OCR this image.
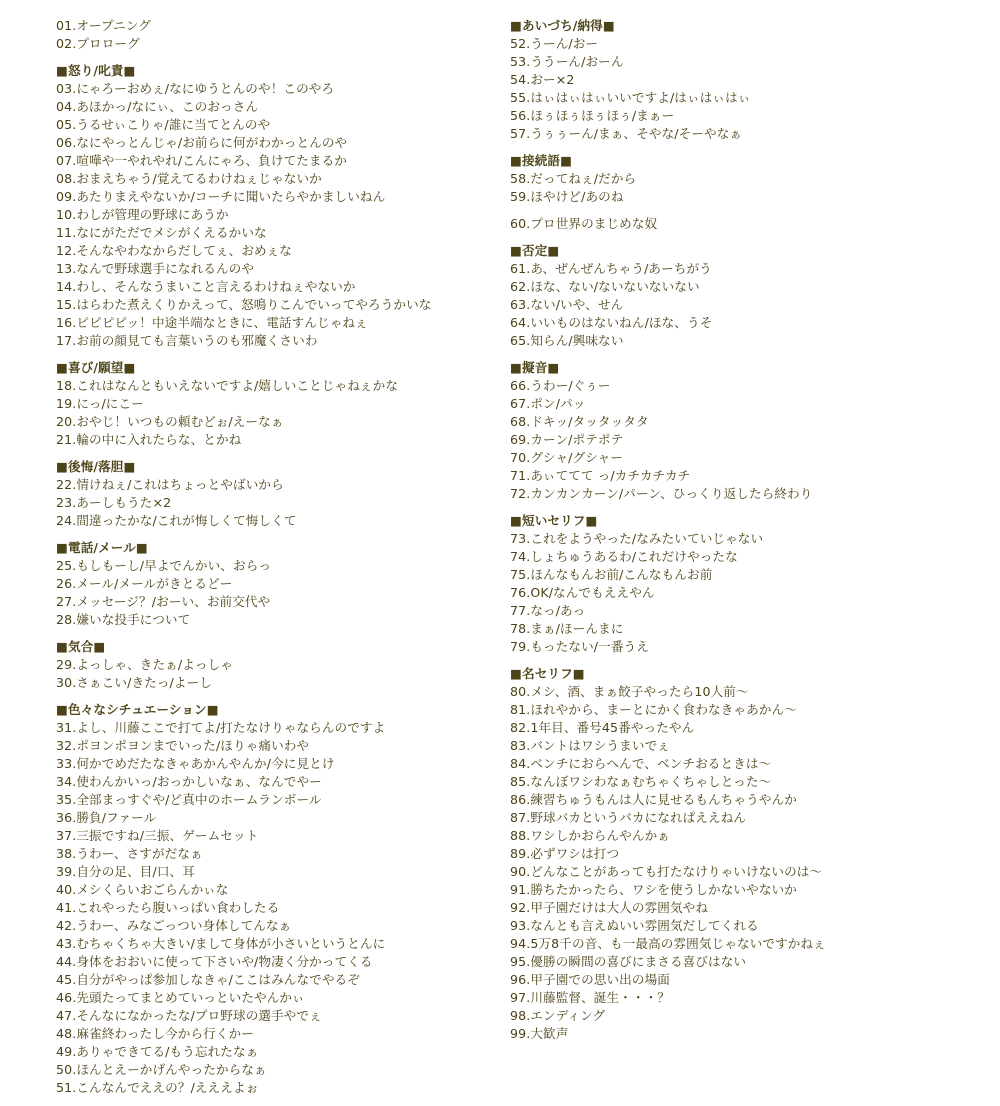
01.オープニング
02.プロローグ
■怒り/叱責■
03.にゃろーおめぇ/なにゆうとんのや！このやろ
04.あほかっ/なにぃ、このおっさん
05.うるせぃこりゃ/誰に当てとんのや
06.なにやっとんじゃ/お前らに何がわかっとんのや
07.喧嘩や一やれやれ/こんにゃろ、負けてたまるか
08.おまえちゃう/覚えてるわけねぇじゃないか
09.あたりまえやないか/コーチに聞いたらやかましいねん
10.わしが管理の野球にあうか
11.なにがただでメシがくえるかいな
12.そんなやわなからだしてぇ、おめぇな
13.なんで野球選手になれるんのや
14.わし、そんなうまいこと言えるわけねぇやないか
15.はらわた煮えくりかえって、怒鳴りこんでいってやろうかいな
16.ピピピピッ！中途半端なときに、電話すんじゃねぇ
17.お前の顔見ても言葉いうのも邪魔くさいわ
■喜び/願望■
18.これはなんともいえないですよ/嬉しいことじゃねぇかな
19.にっ/にこー
20.おやじ！いつもの頼むどぉ/えーなぁ
21.輪の中に入れたらな、とかね
■後悔/落胆■
22.情けねぇ/これはちょっとやばいから
23.あーしもうた×2
24.間違ったかな/これが悔しくて悔しくて
■電話/メール■
25.もしもーし/早よでんかい、おらっ
26.メール/メールがきとるどー
27.メッセージ？/おーい、お前交代や
28.嫌いな投手について
■気合■
29.よっしゃ、きたぁ/よっしゃ
30.さぁこい/きたっ/よーし
■色々なシチュエーション■
31.よし、川藤ここで打てよ/打たなけりゃならんのですよ
32.ポヨンポヨンまでいった/ほりゃ痛いわや
33.何かでめだたなきゃあかんやんか/今に見とけ
34.使わんかいっ/おっかしいなぁ、なんでやー
35.全部まっすぐや/ど真中のホームランボール
36.勝負/ファール
37.三振ですね/三振、ゲームセット
38.うわー、さすがだなぁ
39.自分の足、目/口、耳
40.メシくらいおごらんかぃな
41.これやったら腹いっぱい食わしたる
42.うわー、みなごっつい身体してんなぁ
43.むちゃくちゃ大きい/まして身体が小さいというとんに
44.身体をおおいに使って下さいや/物凄く分かってくる
45.自分がやっぱ参加しなきゃ/ここはみんなでやるぞ
46.先頭たってまとめていっといたやんかぃ
47.そんなになかったな/プロ野球の選手やでぇ
48.麻雀終わったし今から行くかー
49.ありゃできてる/もう忘れたなぁ
50.ほんとえーかげんやったからなぁ
51.こんなんでええの？/えええよぉ
■あいづち/納得■
52.うーん/おー
53.ううーん/おーん
54.おー×2
55.はぃはぃはぃいいですよ/はぃはぃはぃ
56.ほぅほぅほぅほぅ/まぁー
57.うぅぅーん/まぁ、そやな/そーやなぁ
■接続語■
58.だってねぇ/だから
59.ほやけど/あのね
60.プロ世界のまじめな奴
■否定■
61.あ、ぜんぜんちゃう/あーちがう
62.ほな、ない/ないないないない
63.ない/いや、せん
64.いいものはないねん/ほな、うそ
65.知らん/興味ない
■擬音■
66.うわー/ぐぅー
67.ポン/パッ
68.ドキッ/タッタッタタ
69.カーン/ポテポテ
70.グシャ/グシャー
71.あぃててて っ/カチカチカチ
72.カンカンカーン/パーン、ひっくり返したら終わり
■短いセリフ■
73.これをようやった/なみたいていじゃない
74.しょちゅうあるわ/これだけやったな
75.ほんなもんお前/こんなもんお前
76.OK/なんでもええやん
77.なっ/あっ
78.まぁ/ほーんまに
79.もったない/一番うえ
■名セリフ■
80.メシ、酒、まぁ餃子やったら10人前〜
81.ほれやから、まーとにかく食わなきゃあかん〜
82.1年目、番号45番やったやん
83.バントはワシうまいでぇ
84.ベンチにおらへんで、ベンチおるときは〜
85.なんぼワシわなぁむちゃくちゃしとった〜
86.練習ちゅうもんは人に見せるもんちゃうやんか
87.野球バカというバカになれぱええねん
88.ワシしかおらんやんかぁ
89.必ずワシは打つ
90.どんなことがあっても打たなけりゃいけないのは〜
91.勝ちたかったら、ワシを使うしかないやないか
92.甲子園だけは大人の雰囲気やね
93.なんとも言えぬいい雰囲気だしてくれる
94.5万8千の音、も一最高の雰囲気じゃないですかねぇ
95.優勝の瞬間の喜びにまさる喜びはない
96.甲子園での思い出の場面
97.川藤監督、誕生・・・？
98.エンディング
99.大歓声
